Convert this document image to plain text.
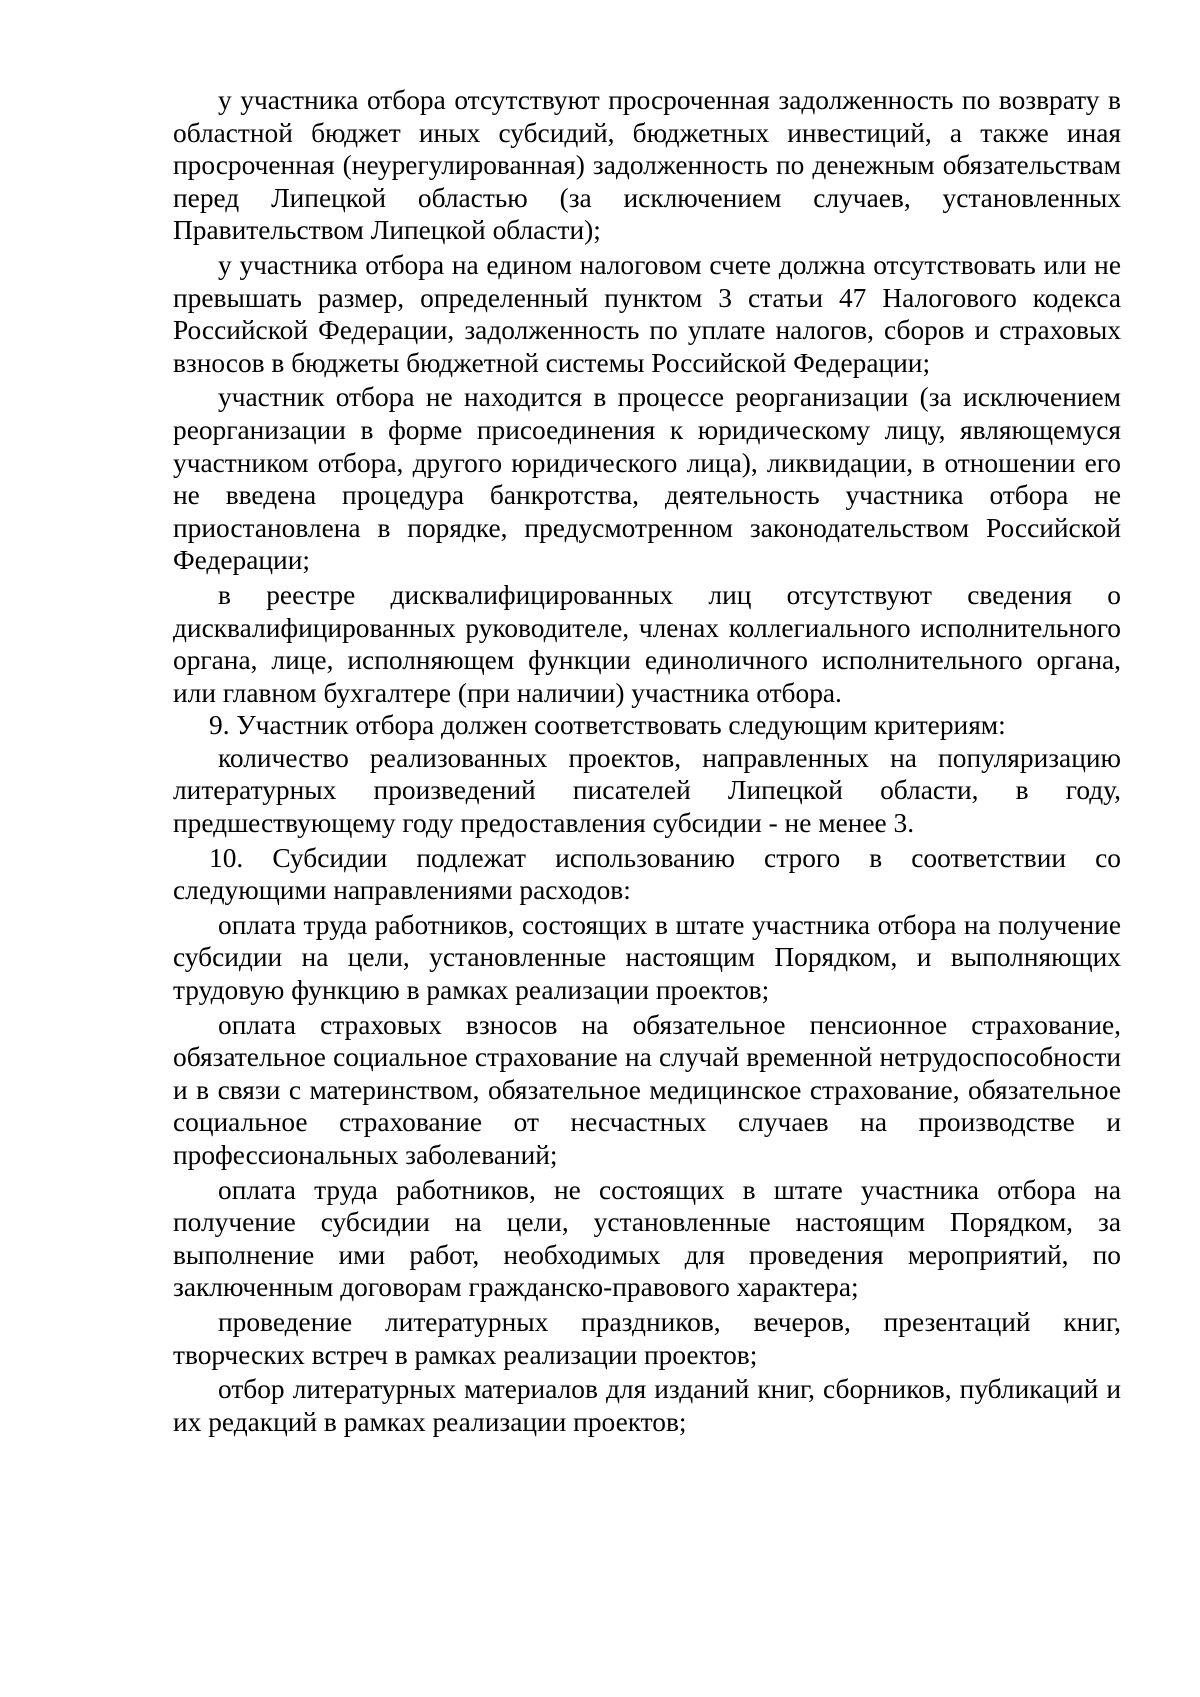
у участника отбора отсутствуют просроченная задолженность по возврату в областной бюджет иных субсидий, бюджетных инвестиций, а также иная просроченная (неурегулированная) задолженность по денежным обязательствам перед Липецкой областью (за исключением случаев, установленных Правительством Липецкой области);

у участника отбора на едином налоговом счете должна отсутствовать или не превышать размер, определенный пунктом 3 статьи 47 Налогового кодекса Российской Федерации, задолженность по уплате налогов, сборов и страховых взносов в бюджеты бюджетной системы Российской Федерации;

участник отбора не находится в процессе реорганизации (за исключением реорганизации в форме присоединения к юридическому лицу, являющемуся участником отбора, другого юридического лица), ликвидации, в отношении его не введена процедура банкротства, деятельность участника отбора не приостановлена в порядке, предусмотренном законодательством Российской Федерации;

в реестре дисквалифицированных лиц отсутствуют сведения о дисквалифицированных руководителе, членах коллегиального исполнительного органа, лице, исполняющем функции единоличного исполнительного органа, или главном бухгалтере (при наличии) участника отбора.

9. Участник отбора должен соответствовать следующим критериям:

количество реализованных проектов, направленных на популяризацию литературных произведений писателей Липецкой области, в году, предшествующему году предоставления субсидии - не менее 3.

10. Субсидии подлежат использованию строго в соответствии со следующими направлениями расходов:

оплата труда работников, состоящих в штате участника отбора на получение субсидии на цели, установленные настоящим Порядком, и выполняющих трудовую функцию в рамках реализации проектов;

оплата страховых взносов на обязательное пенсионное страхование, обязательное социальное страхование на случай временной нетрудоспособности и в связи с материнством, обязательное медицинское страхование, обязательное социальное страхование от несчастных случаев на производстве и профессиональных заболеваний;

оплата труда работников, не состоящих в штате участника отбора на получение субсидии на цели, установленные настоящим Порядком, за выполнение ими работ, необходимых для проведения мероприятий, по заключенным договорам гражданско-правового характера;

проведение литературных праздников, вечеров, презентаций книг, творческих встреч в рамках реализации проектов;

отбор литературных материалов для изданий книг, сборников, публикаций и их редакций в рамках реализации проектов;
